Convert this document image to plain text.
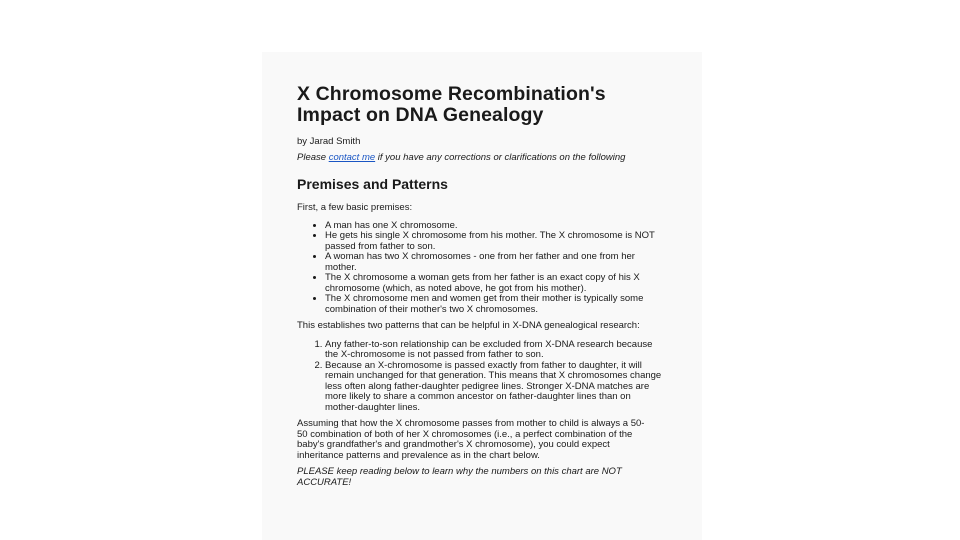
X Chromosome Recombination's Impact on DNA Genealogy

by Jarad Smith

Please contact me if you have any corrections or clarifications on the following

Premises and Patterns

First, a few basic premises:

• A man has one X chromosome.
• He gets his single X chromosome from his mother. The X chromosome is NOT passed from father to son.
• A woman has two X chromosomes - one from her father and one from her mother.
• The X chromosome a woman gets from her father is an exact copy of his X chromosome (which, as noted above, he got from his mother).
• The X chromosome men and women get from their mother is typically some combination of their mother's two X chromosomes.

This establishes two patterns that can be helpful in X-DNA genealogical research:

1. Any father-to-son relationship can be excluded from X-DNA research because the X-chromosome is not passed from father to son.
2. Because an X-chromosome is passed exactly from father to daughter, it will remain unchanged for that generation. This means that X chromosomes change less often along father-daughter pedigree lines. Stronger X-DNA matches are more likely to share a common ancestor on father-daughter lines than on mother-daughter lines.

Assuming that how the X chromosome passes from mother to child is always a 50-50 combination of both of her X chromosomes (i.e., a perfect combination of the baby's grandfather's and grandmother's X chromosome), you could expect inheritance patterns and prevalence as in the chart below.

PLEASE keep reading below to learn why the numbers on this chart are NOT ACCURATE!
